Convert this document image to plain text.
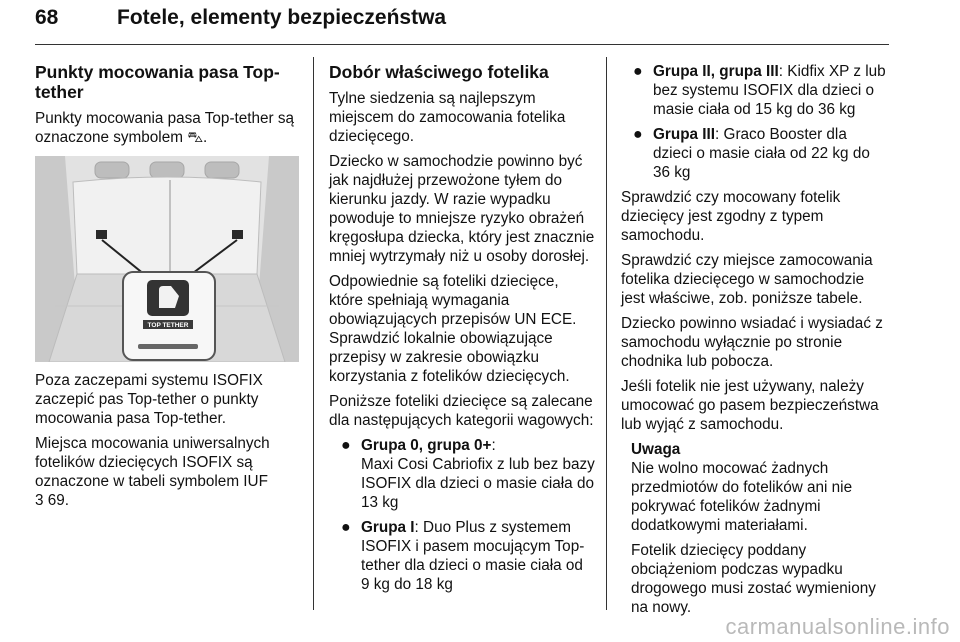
68	Fotele, elementy bezpieczeństwa
Punkty mocowania pasa Top-tether

Punkty mocowania pasa Top-tether są oznaczone symbolem ⛍.

TOP TETHER

Poza zaczepami systemu ISOFIX zaczepić pas Top-tether o punkty mocowania pasa Top-tether.

Miejsca mocowania uniwersalnych fotelików dziecięcych ISOFIX są oznaczone w tabeli symbolem IUF
3 69.

Dobór właściwego fotelika

Tylne siedzenia są najlepszym miejscem do zamocowania fotelika dziecięcego.

Dziecko w samochodzie powinno być jak najdłużej przewożone tyłem do kierunku jazdy. W razie wypadku powoduje to mniejsze ryzyko obrażeń kręgosłupa dziecka, który jest znacznie mniej wytrzymały niż u osoby dorosłej.

Odpowiednie są foteliki dziecięce, które spełniają wymagania obowiązujących przepisów UN ECE. Sprawdzić lokalnie obowiązujące przepisy w zakresie obowiązku korzystania z fotelików dziecięcych.

Poniższe foteliki dziecięce są zalecane dla następujących kategorii wagowych:

● Grupa 0, grupa 0+:
Maxi Cosi Cabriofix z lub bez bazy ISOFIX dla dzieci o masie ciała do 13 kg
● Grupa I: Duo Plus z systemem ISOFIX i pasem mocującym Top-tether dla dzieci o masie ciała od 9 kg do 18 kg
● Grupa II, grupa III: Kidfix XP z lub bez systemu ISOFIX dla dzieci o masie ciała od 15 kg do 36 kg
● Grupa III: Graco Booster dla dzieci o masie ciała od 22 kg do 36 kg

Sprawdzić czy mocowany fotelik dziecięcy jest zgodny z typem samochodu.

Sprawdzić czy miejsce zamocowania fotelika dziecięcego w samochodzie jest właściwe, zob. poniższe tabele.

Dziecko powinno wsiadać i wysiadać z samochodu wyłącznie po stronie chodnika lub pobocza.

Jeśli fotelik nie jest używany, należy umocować go pasem bezpieczeństwa lub wyjąć z samochodu.

Uwaga

Nie wolno mocować żadnych przedmiotów do fotelików ani nie pokrywać fotelików żadnymi dodatkowymi materiałami.

Fotelik dziecięcy poddany obciążeniom podczas wypadku drogowego musi zostać wymieniony na nowy.

carmanualsonline.info
